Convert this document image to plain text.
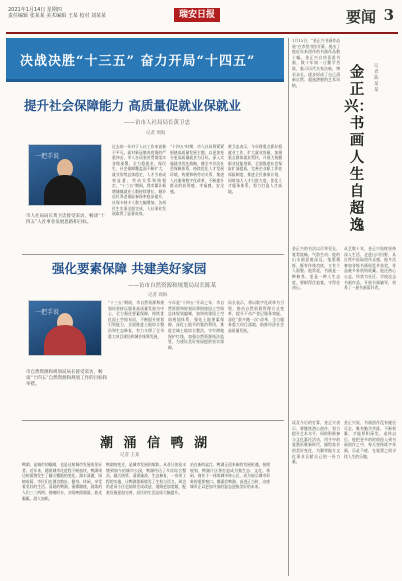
2021年1月14日 星期四
责任编辑 张某某 美术编辑 王某 校对 刘某某	瑞安日报	要闻 3
决战决胜“十三五” 奋力开局“十四五”
提升社会保障能力 高质量促就业保就业
——访市人社局局长黄卫忠
记者 周海
一把手说
市人社局局长黄卫忠接受采访，畅谈“十四五”人社事业发展思路和目标。
过去的一年对于人社工作来说极不平凡。面对新冠肺炎疫情的严重冲击，市人社局坚决贯彻落实各级部署，全力稳就业、保民生，社会保障覆盖面不断扩大，就业形势总体稳定，人才引育成效显著，劳动关系和谐稳定。“十三五”期间，我市累计新增城镇就业人数持续增长，城乡居民养老保险参保率稳步提升，社保卡持卡人数大幅增加，各项民生实事全面完成，人社事业发展取得了显著成效。
“十四五”时期，市人社局将紧紧围绕高质量发展主题，以更加充分更高质量就业为目标，深入实施就业优先战略，健全多层次社会保障体系，持续优化人才发展环境，构建和谐劳动关系，推进人社服务数字化改革，不断提升群众的获得感、幸福感、安全感。
黄卫忠表示，今年将重点抓好稳就业工作，扩大就业容量，加强重点群体就业帮扶，开展大规模职业技能培训，全面推进社会保险扩面提质，完善企业职工养老保险制度，推进全民参保计划，同时加大人才引进力度，优化人才服务体系，努力打造人才高地。
强化要素保障 共建美好家园
——访市自然资源和规划局局长陈某
记者 周海
一把手说
市自然资源和规划局局长接受采访，畅谈“十四五”自然资源和规划工作的目标和举措。
“十三五”期间，市自然资源和规划局坚持以服务高质量发展为中心，全力强化要素保障，持续优化国土空间布局，不断提升规划引领能力，全面推进土地综合整治和生态修复，有力支撑了全市重大项目建设和城乡统筹发展。
今年是“十四五”开局之年，市自然资源和规划局将围绕国土空间总体规划编制，加快构建国土空间规划体系，强化土地要素保障，深化土地节约集约利用，推进全域土地综合整治，守牢耕地保护红线，加强自然资源执法监管，为建设美好家园提供坚实保障。
局长表示，将以数字化改革为引领，推动自然资源管理方式变革，提升不动产登记服务效能，深化“最多跑一次”改革，全力服务重大项目落地，助推经济社会高质量发展。
潮 涌 信 鸭 湖
记者 王某
鸭湖，是城市的眼睛，也是这座城市发展的见证者。近年来，随着城市化进程不断加快，鸭湖周边的面貌发生了翻天覆地的变化。湖水清澈，绿树成荫，市民们在湖边散步、健身、休闲，享受着美好的生活。清晨的鸭湖，薄雾缭绕，晨练的人们三三两两；傍晚时分，夕阳映照湖面，波光粼粼，游人如织。
鸭湖的变迁，是城市发展的缩影。从昔日的臭水塘到如今的城市公园，鸭湖经历了多次综合整治。截污纳管、清淤疏浚、生态修复，一项项工程的实施，让鸭湖重新焕发了生机与活力。周边的老旧小区也陆续完成改造，道路更加宽敞，配套设施更加完善，居民的生活品质大幅提升。
站在新的起点，鸭湖正迎来新的发展机遇。按照规划，鸭湖片区将打造成为集生态、文化、休闲、商业于一体的城市核心区，成为展示城市形象的重要窗口。潮涌信鸭湖，奋进正当时，这座城市正以更加开放的姿态迎接美好的未来。
1月13日，“金正兴书画作品展”在市图书馆开幕，展出了他近年来创作的书画作品数十幅。金正兴自幼喜爱书画，数十年如一日勤学苦练，临习历代名家法帖，博采众长，逐步形成了自己清新自然、超逸洒脱的艺术风格。
金正兴：书画人生自超逸
记者 陈某某
金正兴的书法以行草见长，笔势流畅，气韵生动；他的山水画意境深远，笔墨精炼，既有传统功底，又有个人面貌。他常说，书画是一种修养，更是一种人生态度，要耐得住寂寞，守得住初心。
从艺数十年，金正兴始终坚持深入生活，走进山川田野，从自然中汲取创作灵感。他多次参加各级书画展览并获奖，作品被多家机构收藏。他还热心公益，经常为社区、学校送去书画作品，开展书画辅导，培养了一批书画爱好者。
谈及今后的打算，金正兴表示，将继续潜心创作，努力提升艺术水平，同时积极参与文化惠民活动，用手中的笔墨讴歌新时代，描绘家乡的美好变化，为繁荣地方文化事业贡献自己的一份力量。
金正兴说，书画创作没有捷径可走，唯有勤学苦练、不断积累，才能厚积薄发。退休以后，他把更多的时间投入到书画创作之中，每天坚持练字作画，乐此不疲，在笔墨之间寻找人生的乐趣。
